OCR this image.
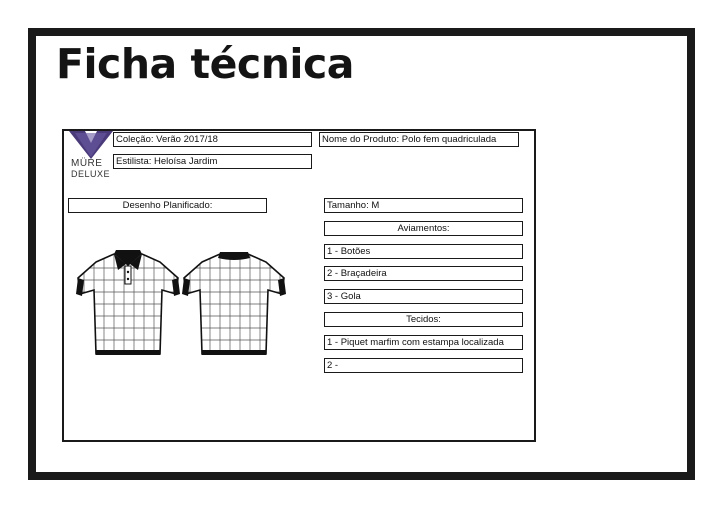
Ficha técnica
MÜRE
DELUXE
Coleção: Verão 2017/18	Nome do Produto: Polo fem quadriculada
Estilista: Heloísa Jardim
Desenho Planificado:	Tamanho: M
Aviamentos:
1 - Botões
2 - Braçadeira
3 - Gola
Tecidos:
1 - Piquet marfim com estampa localizada
2 -
